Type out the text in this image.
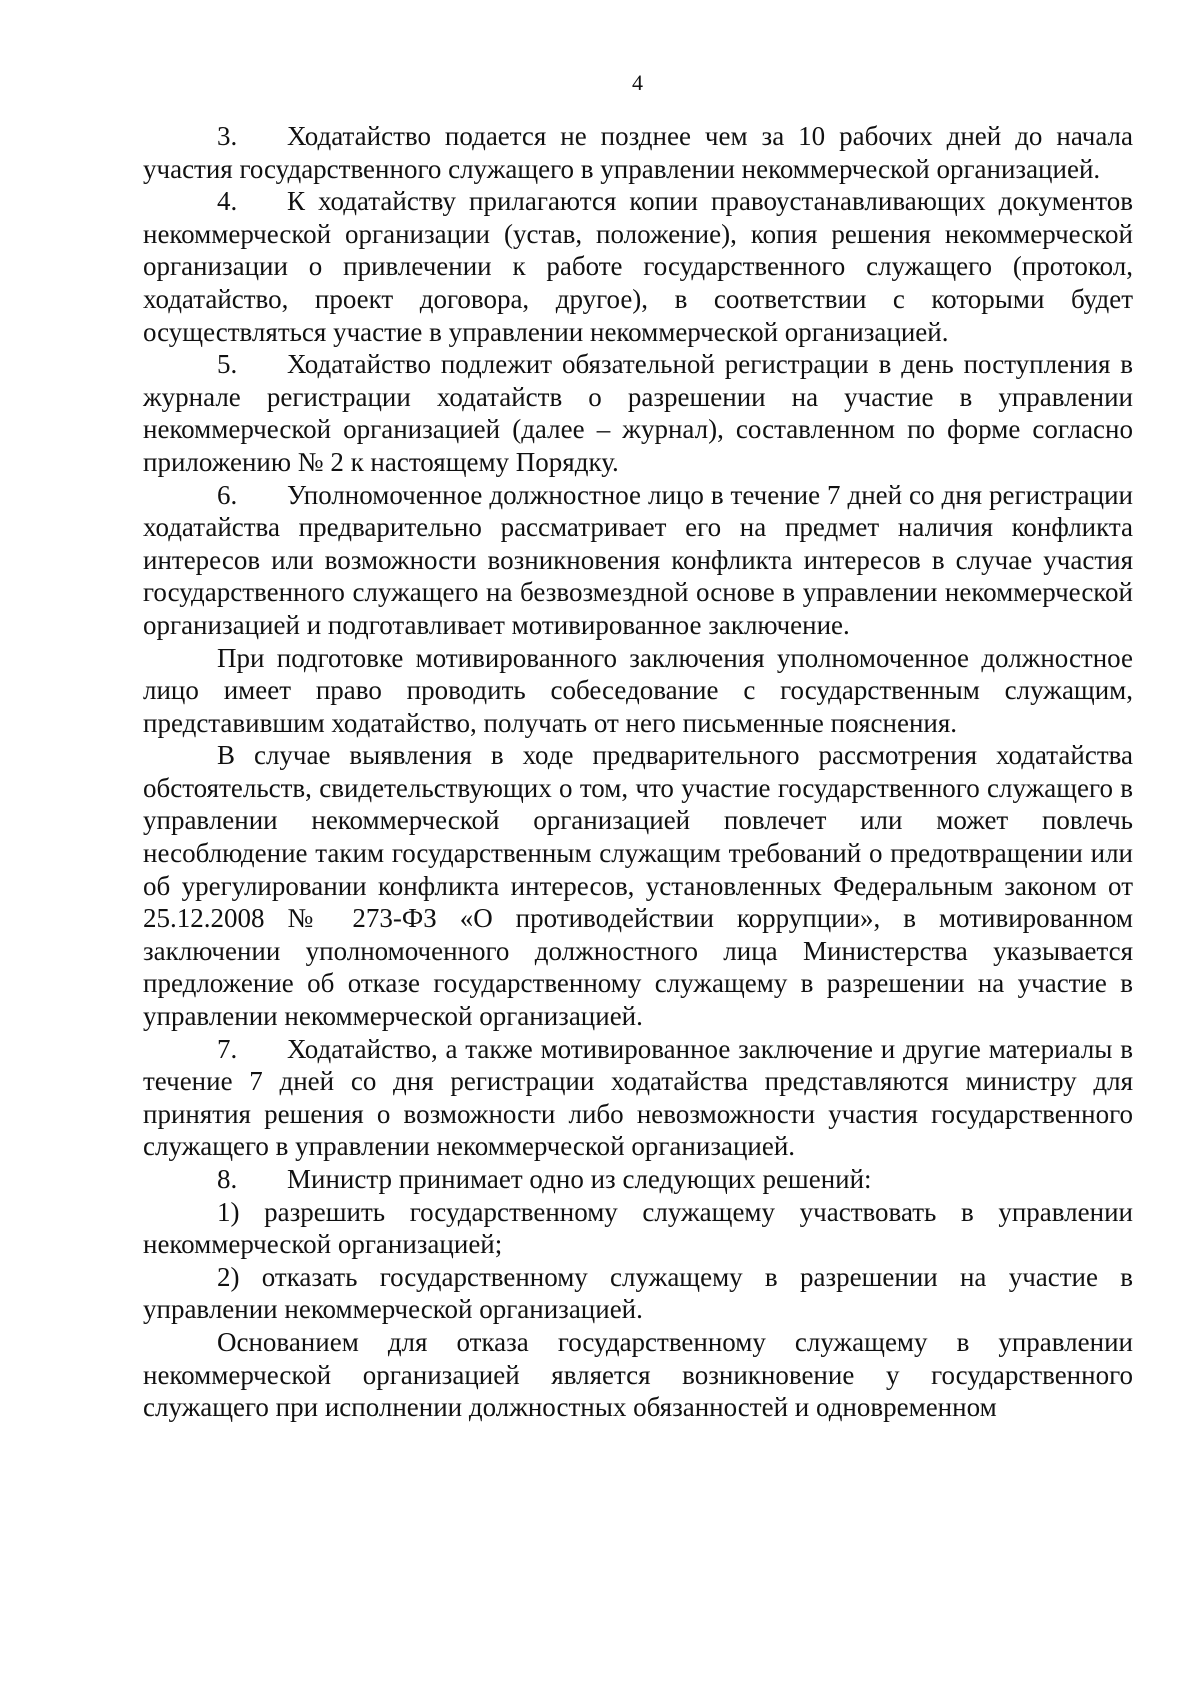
4

3. Ходатайство подается не позднее чем за 10 рабочих дней до начала участия государственного служащего в управлении некоммерческой организацией.

4. К ходатайству прилагаются копии правоустанавливающих документов некоммерческой организации (устав, положение), копия решения некоммерческой организации о привлечении к работе государственного служащего (протокол, ходатайство, проект договора, другое), в соответствии с которыми будет осуществляться участие в управлении некоммерческой организацией.

5. Ходатайство подлежит обязательной регистрации в день поступления в журнале регистрации ходатайств о разрешении на участие в управлении некоммерческой организацией (далее – журнал), составленном по форме согласно приложению № 2 к настоящему Порядку.

6. Уполномоченное должностное лицо в течение 7 дней со дня регистрации ходатайства предварительно рассматривает его на предмет наличия конфликта интересов или возможности возникновения конфликта интересов в случае участия государственного служащего на безвозмездной основе в управлении некоммерческой организацией и подготавливает мотивированное заключение.

При подготовке мотивированного заключения уполномоченное должностное лицо имеет право проводить собеседование с государственным служащим, представившим ходатайство, получать от него письменные пояснения.

В случае выявления в ходе предварительного рассмотрения ходатайства обстоятельств, свидетельствующих о том, что участие государственного служащего в управлении некоммерческой организацией повлечет или может повлечь несоблюдение таким государственным служащим требований о предотвращении или об урегулировании конфликта интересов, установленных Федеральным законом от 25.12.2008 № 273-ФЗ «О противодействии коррупции», в мотивированном заключении уполномоченного должностного лица Министерства указывается предложение об отказе государственному служащему в разрешении на участие в управлении некоммерческой организацией.

7. Ходатайство, а также мотивированное заключение и другие материалы в течение 7 дней со дня регистрации ходатайства представляются министру для принятия решения о возможности либо невозможности участия государственного служащего в управлении некоммерческой организацией.

8. Министр принимает одно из следующих решений:

1) разрешить государственному служащему участвовать в управлении некоммерческой организацией;

2) отказать государственному служащему в разрешении на участие в управлении некоммерческой организацией.

Основанием для отказа государственному служащему в управлении некоммерческой организацией является возникновение у государственного служащего при исполнении должностных обязанностей и одновременном
